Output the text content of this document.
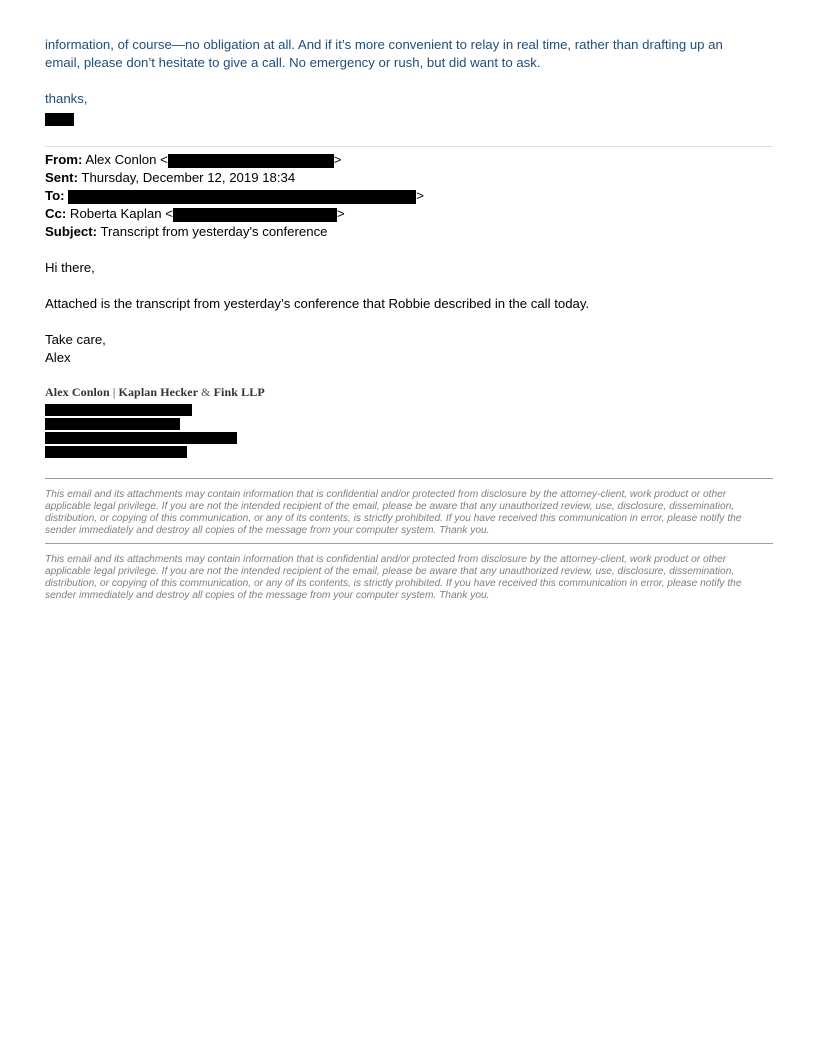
information, of course—no obligation at all. And if it’s more convenient to relay in real time, rather than drafting up an
email, please don’t hesitate to give a call. No emergency or rush, but did want to ask.
thanks,
From: Alex Conlon <	>
Sent: Thursday, December 12, 2019 18:34
To:	>
Cc: Roberta Kaplan <	>
Subject: Transcript from yesterday's conference
Hi there,
Attached is the transcript from yesterday’s conference that Robbie described in the call today.
Take care,
Alex
Alex Conlon | Kaplan Hecker & Fink LLP
This email and its attachments may contain information that is confidential and/or protected from disclosure by the attorney-client, work product or other applicable legal privilege. If you are not the intended recipient of the email, please be aware that any unauthorized review, use, disclosure, dissemination, distribution, or copying of this communication, or any of its contents, is strictly prohibited. If you have received this communication in error, please notify the sender immediately and destroy all copies of the message from your computer system. Thank you.
This email and its attachments may contain information that is confidential and/or protected from disclosure by the attorney-client, work product or other applicable legal privilege. If you are not the intended recipient of the email, please be aware that any unauthorized review, use, disclosure, dissemination, distribution, or copying of this communication, or any of its contents, is strictly prohibited. If you have received this communication in error, please notify the sender immediately and destroy all copies of the message from your computer system. Thank you.
